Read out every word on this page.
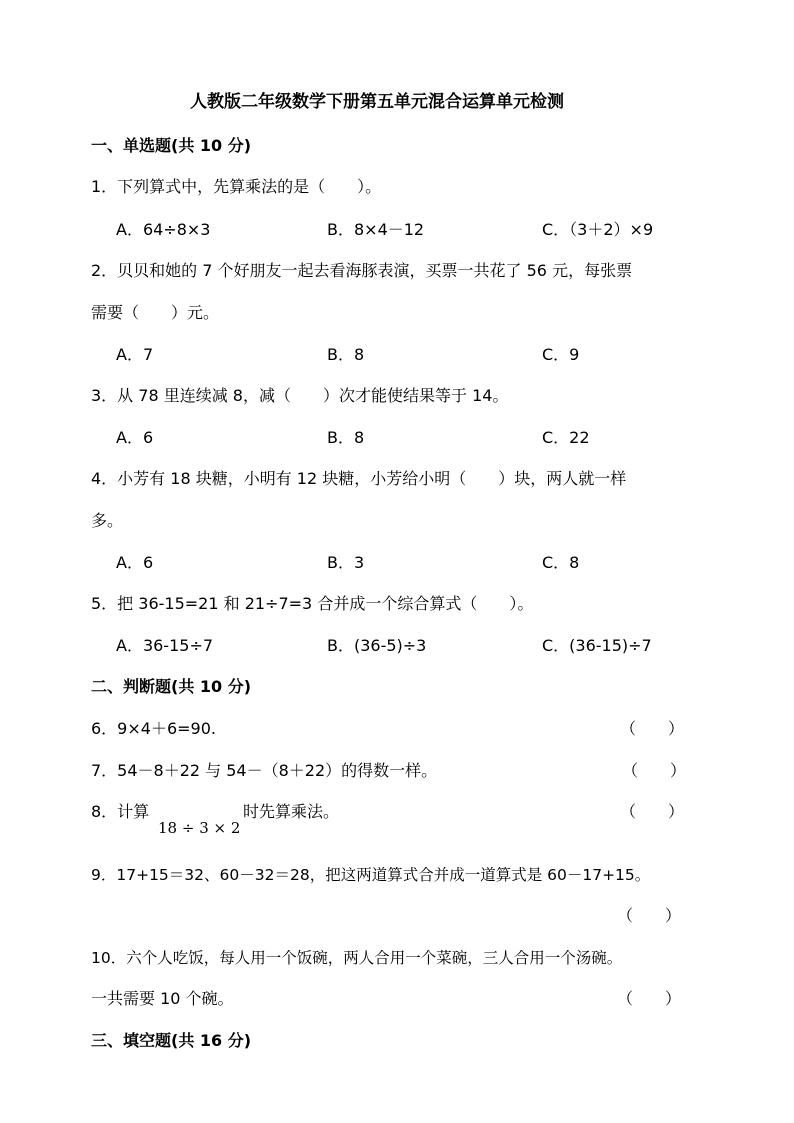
人教版二年级数学下册第五单元混合运算单元检测
一、单选题(共 10 分)
1．下列算式中，先算乘法的是（　　）。
A．64÷8×3	B．8×4－12	C．（3＋2）×9
2．贝贝和她的 7 个好朋友一起去看海豚表演，买票一共花了 56 元，每张票
需要（　　）元。
A．7	B．8	C．9
3．从 78 里连续减 8，减（　　）次才能使结果等于 14。
A．6	B．8	C．22
4．小芳有 18 块糖，小明有 12 块糖，小芳给小明（　　）块，两人就一样
多。
A．6	B．3	C．8
5．把 36-15=21 和 21÷7=3 合并成一个综合算式（　　）。
A．36-15÷7	B．(36-5)÷3	C．(36-15)÷7
二、判断题(共 10 分)
6．9×4＋6=90.	（　　）
7．54－8＋22 与 54－（8＋22）的得数一样。	（　　）
8．计算
18 ÷ 3 × 2
时先算乘法。	（　　）
9．17+15＝32、60－32＝28，把这两道算式合并成一道算式是 60－17+15。
（　　）
10．六个人吃饭，每人用一个饭碗，两人合用一个菜碗，三人合用一个汤碗。
一共需要 10 个碗。	（　　）
三、填空题(共 16 分)
